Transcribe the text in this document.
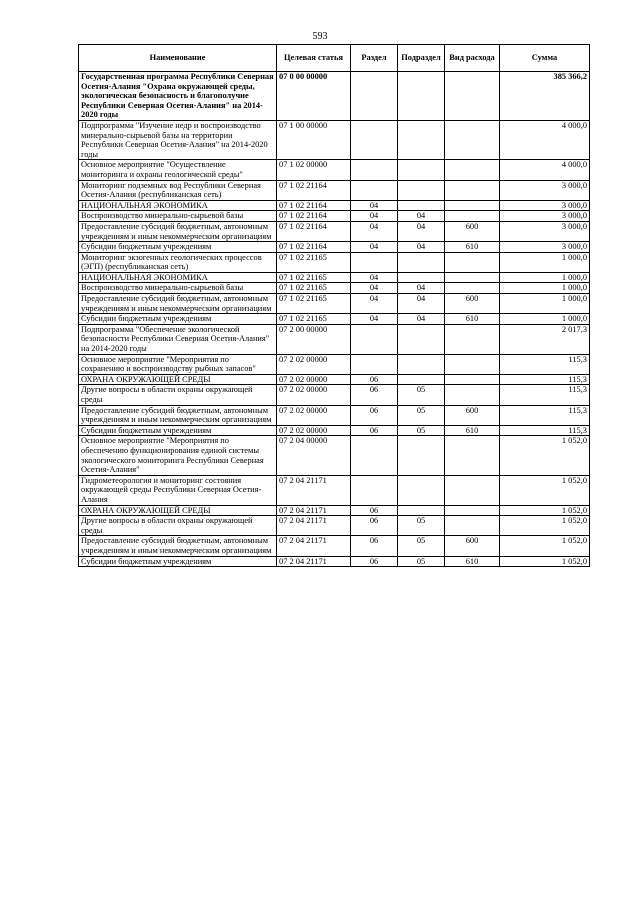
593
Наименование	Целевая статья	Раздел	Подраздел	Вид расхода	Сумма
Государственная программа Республики Северная Осетия-Алания "Охрана окружающей среды, экологическая безопасность и благополучие Республики Северная Осетия-Алания" на 2014-2020 годы	07 0 00 00000				385 366,2
Подпрограмма "Изучение недр и воспроизводство минерально-сырьевой базы на территории Республики Северная Осетия-Алания" на 2014-2020 годы	07 1 00 00000				4 000,0
Основное мероприятие "Осуществление мониторинга и охраны геологической среды"	07 1 02 00000				4 000,0
Мониторинг подземных вод Республики Северная Осетия-Алания (республиканская сеть)	07 1 02 21164				3 000,0
НАЦИОНАЛЬНАЯ ЭКОНОМИКА	07 1 02 21164	04			3 000,0
Воспроизводство минерально-сырьевой базы	07 1 02 21164	04	04		3 000,0
Предоставление субсидий бюджетным, автономным учреждениям и иным некоммерческим организациям	07 1 02 21164	04	04	600	3 000,0
Субсидии бюджетным учреждениям	07 1 02 21164	04	04	610	3 000,0
Мониторинг экзогенных геологических процессов (ЭГП) (республиканская сеть)	07 1 02 21165				1 000,0
НАЦИОНАЛЬНАЯ ЭКОНОМИКА	07 1 02 21165	04			1 000,0
Воспроизводство минерально-сырьевой базы	07 1 02 21165	04	04		1 000,0
Предоставление субсидий бюджетным, автономным учреждениям и иным некоммерческим организациям	07 1 02 21165	04	04	600	1 000,0
Субсидии бюджетным учреждениям	07 1 02 21165	04	04	610	1 000,0
Подпрограмма "Обеспечение экологической безопасности Республики Северная Осетия-Алания" на 2014-2020 годы	07 2 00 00000				2 017,3
Основное мероприятие "Мероприятия по сохранению и воспроизводству рыбных запасов"	07 2 02 00000				115,3
ОХРАНА ОКРУЖАЮЩЕЙ СРЕДЫ	07 2 02 00000	06			115,3
Другие вопросы в области охраны окружающей среды	07 2 02 00000	06	05		115,3
Предоставление субсидий бюджетным, автономным учреждениям и иным некоммерческим организациям	07 2 02 00000	06	05	600	115,3
Субсидии бюджетным учреждениям	07 2 02 00000	06	05	610	115,3
Основное мероприятие "Мероприятия по обеспечению функционирования единой системы экологического мониторинга Республики Северная Осетия-Алания"	07 2 04 00000				1 052,0
Гидрометеорология и мониторинг состояния окружающей среды Республики Северная Осетия-Алания	07 2 04 21171				1 052,0
ОХРАНА ОКРУЖАЮЩЕЙ СРЕДЫ	07 2 04 21171	06			1 052,0
Другие вопросы в области охраны окружающей среды	07 2 04 21171	06	05		1 052,0
Предоставление субсидий бюджетным, автономным учреждениям и иным некоммерческим организациям	07 2 04 21171	06	05	600	1 052,0
Субсидии бюджетным учреждениям	07 2 04 21171	06	05	610	1 052,0
